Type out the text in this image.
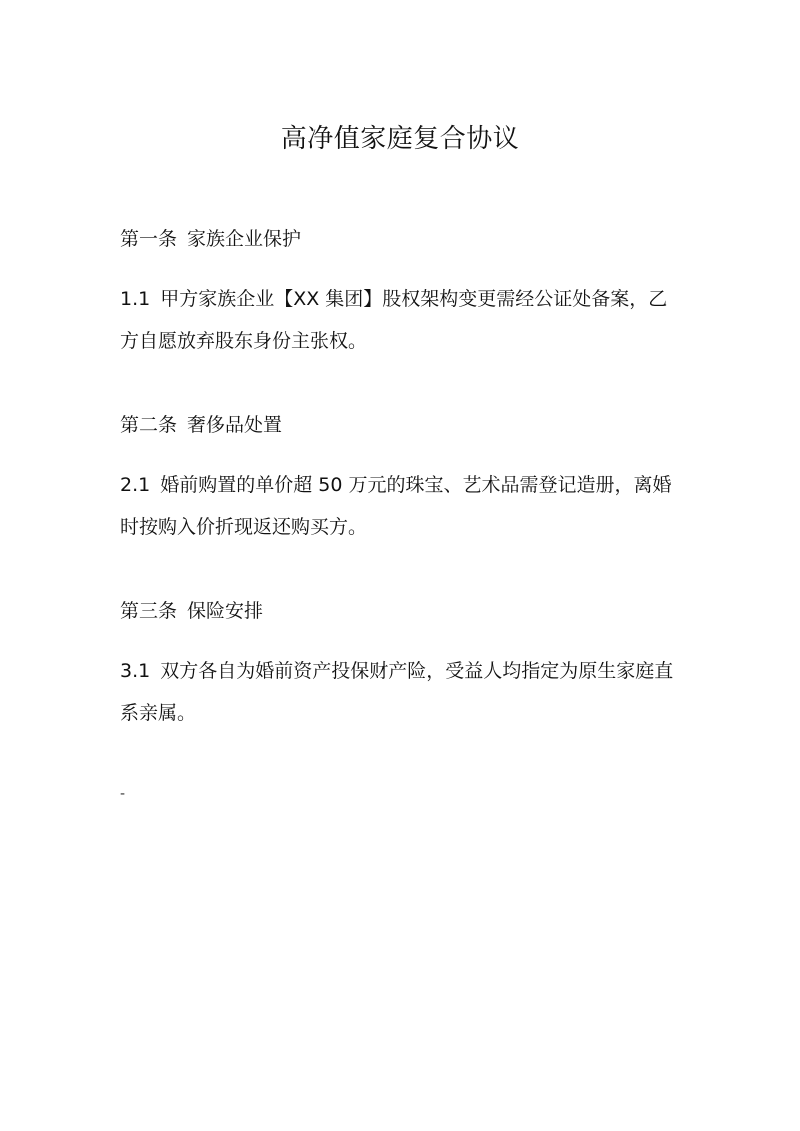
高净值家庭复合协议
第一条 家族企业保护

1.1 甲方家族企业【XX 集团】股权架构变更需经公证处备案，乙方自愿放弃股东身份主张权。

第二条 奢侈品处置

2.1 婚前购置的单价超 50 万元的珠宝、艺术品需登记造册，离婚时按购入价折现返还购买方。

第三条 保险安排

3.1 双方各自为婚前资产投保财产险，受益人均指定为原生家庭直系亲属。

-
